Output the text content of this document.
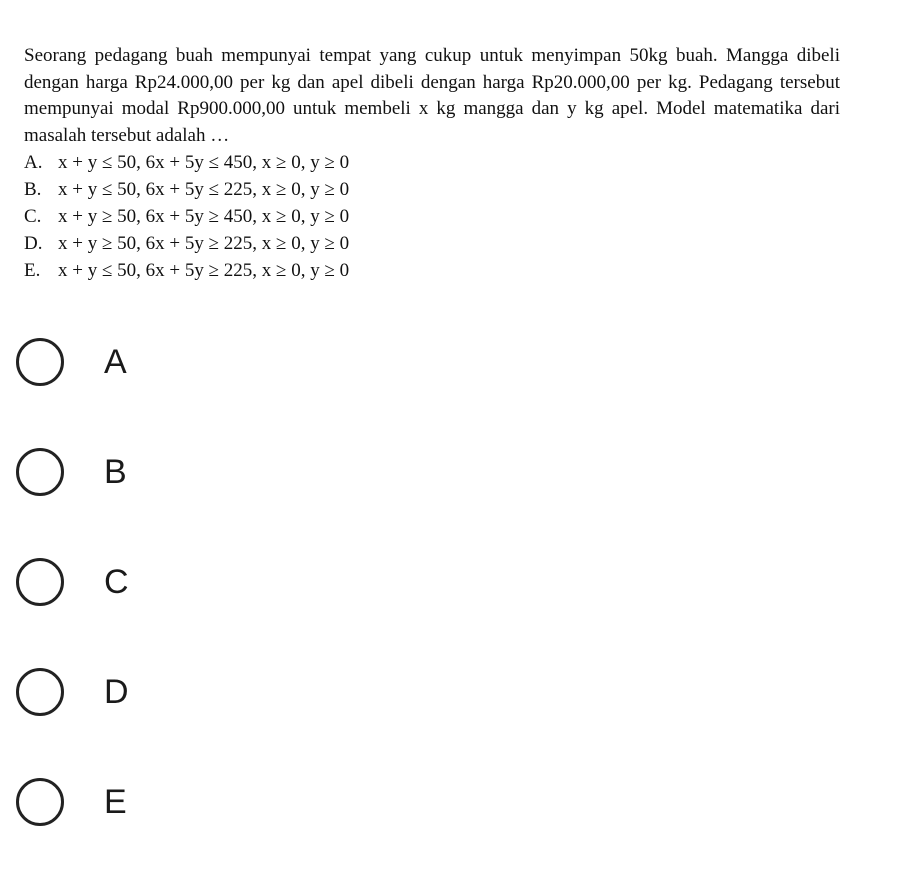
Seorang pedagang buah mempunyai tempat yang cukup untuk menyimpan 50kg buah. Mangga dibeli dengan harga Rp24.000,00 per kg dan apel dibeli dengan harga Rp20.000,00 per kg. Pedagang tersebut mempunyai modal Rp900.000,00 untuk membeli x kg mangga dan y kg apel. Model matematika dari masalah tersebut adalah …

A. x + y ≤ 50, 6x + 5y ≤ 450, x ≥ 0, y ≥ 0
B. x + y ≤ 50, 6x + 5y ≤ 225, x ≥ 0, y ≥ 0
C. x + y ≥ 50, 6x + 5y ≥ 450, x ≥ 0, y ≥ 0
D. x + y ≥ 50, 6x + 5y ≥ 225, x ≥ 0, y ≥ 0
E. x + y ≤ 50, 6x + 5y ≥ 225, x ≥ 0, y ≥ 0
A
B
C
D
E
